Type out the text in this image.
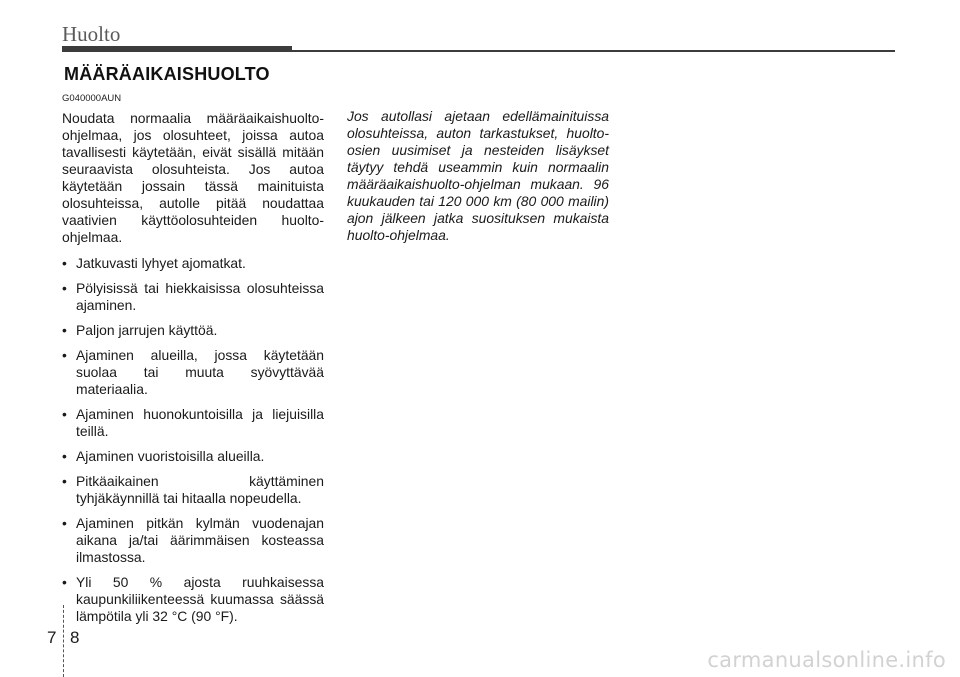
Huolto
MÄÄRÄAIKAISHUOLTO
G040000AUN

Noudata normaalia määräaikaishuolto-ohjelmaa, jos olosuhteet, joissa autoa tavallisesti käytetään, eivät sisällä mitään seuraavista olosuhteista. Jos autoa käytetään jossain tässä mainituista olosuhteissa, autolle pitää noudattaa vaativien käyttöolosuhteiden huolto-ohjelmaa.

• Jatkuvasti lyhyet ajomatkat.
• Pölyisissä tai hiekkaisissa olosuhteissa ajaminen.
• Paljon jarrujen käyttöä.
• Ajaminen alueilla, jossa käytetään suolaa tai muuta syövyttävää materiaalia.
• Ajaminen huonokuntoisilla ja liejuisilla teillä.
• Ajaminen vuoristoisilla alueilla.
• Pitkäaikainen käyttäminen tyhjäkäynnillä tai hitaalla nopeudella.
• Ajaminen pitkän kylmän vuodenajan aikana ja/tai äärimmäisen kosteassa ilmastossa.
• Yli 50 % ajosta ruuhkaisessa kaupunkiliikenteessä kuumassa säässä lämpötila yli 32 °C (90 °F).

Jos autollasi ajetaan edellämainituissa olosuhteissa, auton tarkastukset, huolto-osien uusimiset ja nesteiden lisäykset täytyy tehdä useammin kuin normaalin määräaikaishuolto-ohjelman mukaan. 96 kuukauden tai 120 000 km (80 000 mailin) ajon jälkeen jatka suosituksen mukaista huolto-ohjelmaa.

7 8
carmanualsonline.info
